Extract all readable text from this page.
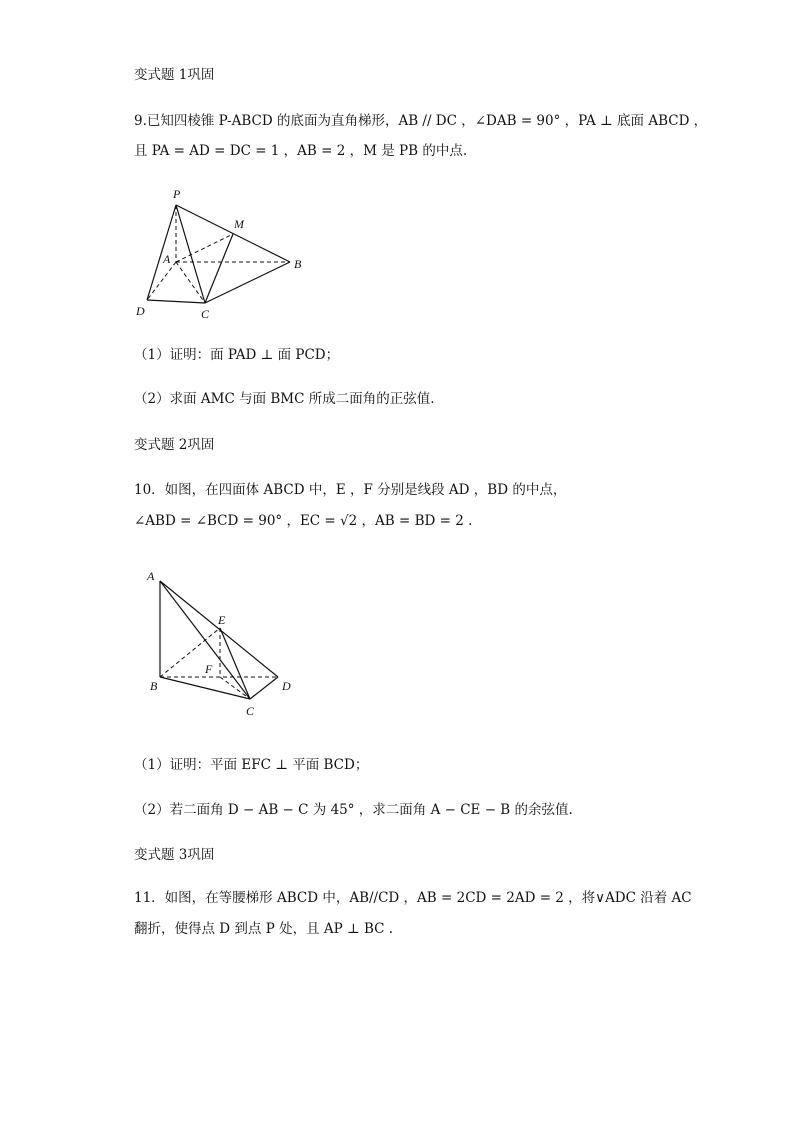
变式题 1巩固
9.已知四棱锥 P-ABCD 的底面为直角梯形，AB // DC ，∠DAB = 90° ，PA ⊥ 底面 ABCD ，
且 PA = AD = DC = 1 ，AB = 2 ，M 是 PB 的中点.
P
M
A	B
D	C
（1）证明：面 PAD ⊥ 面 PCD；
（2）求面 AMC 与面 BMC 所成二面角的正弦值.
变式题 2巩固
10．如图，在四面体 ABCD 中，E ，F 分别是线段 AD ，BD 的中点，
∠ABD = ∠BCD = 90° ，EC = √2 ，AB = BD = 2 .
A
E
F
B	D
C
（1）证明：平面 EFC ⊥ 平面 BCD；
（2）若二面角 D − AB − C 为 45° ，求二面角 A − CE − B 的余弦值.
变式题 3巩固
11．如图，在等腰梯形 ABCD 中，AB//CD ，AB = 2CD = 2AD = 2 ，将∨ADC 沿着 AC
翻折，使得点 D 到点 P 处，且 AP ⊥ BC .
